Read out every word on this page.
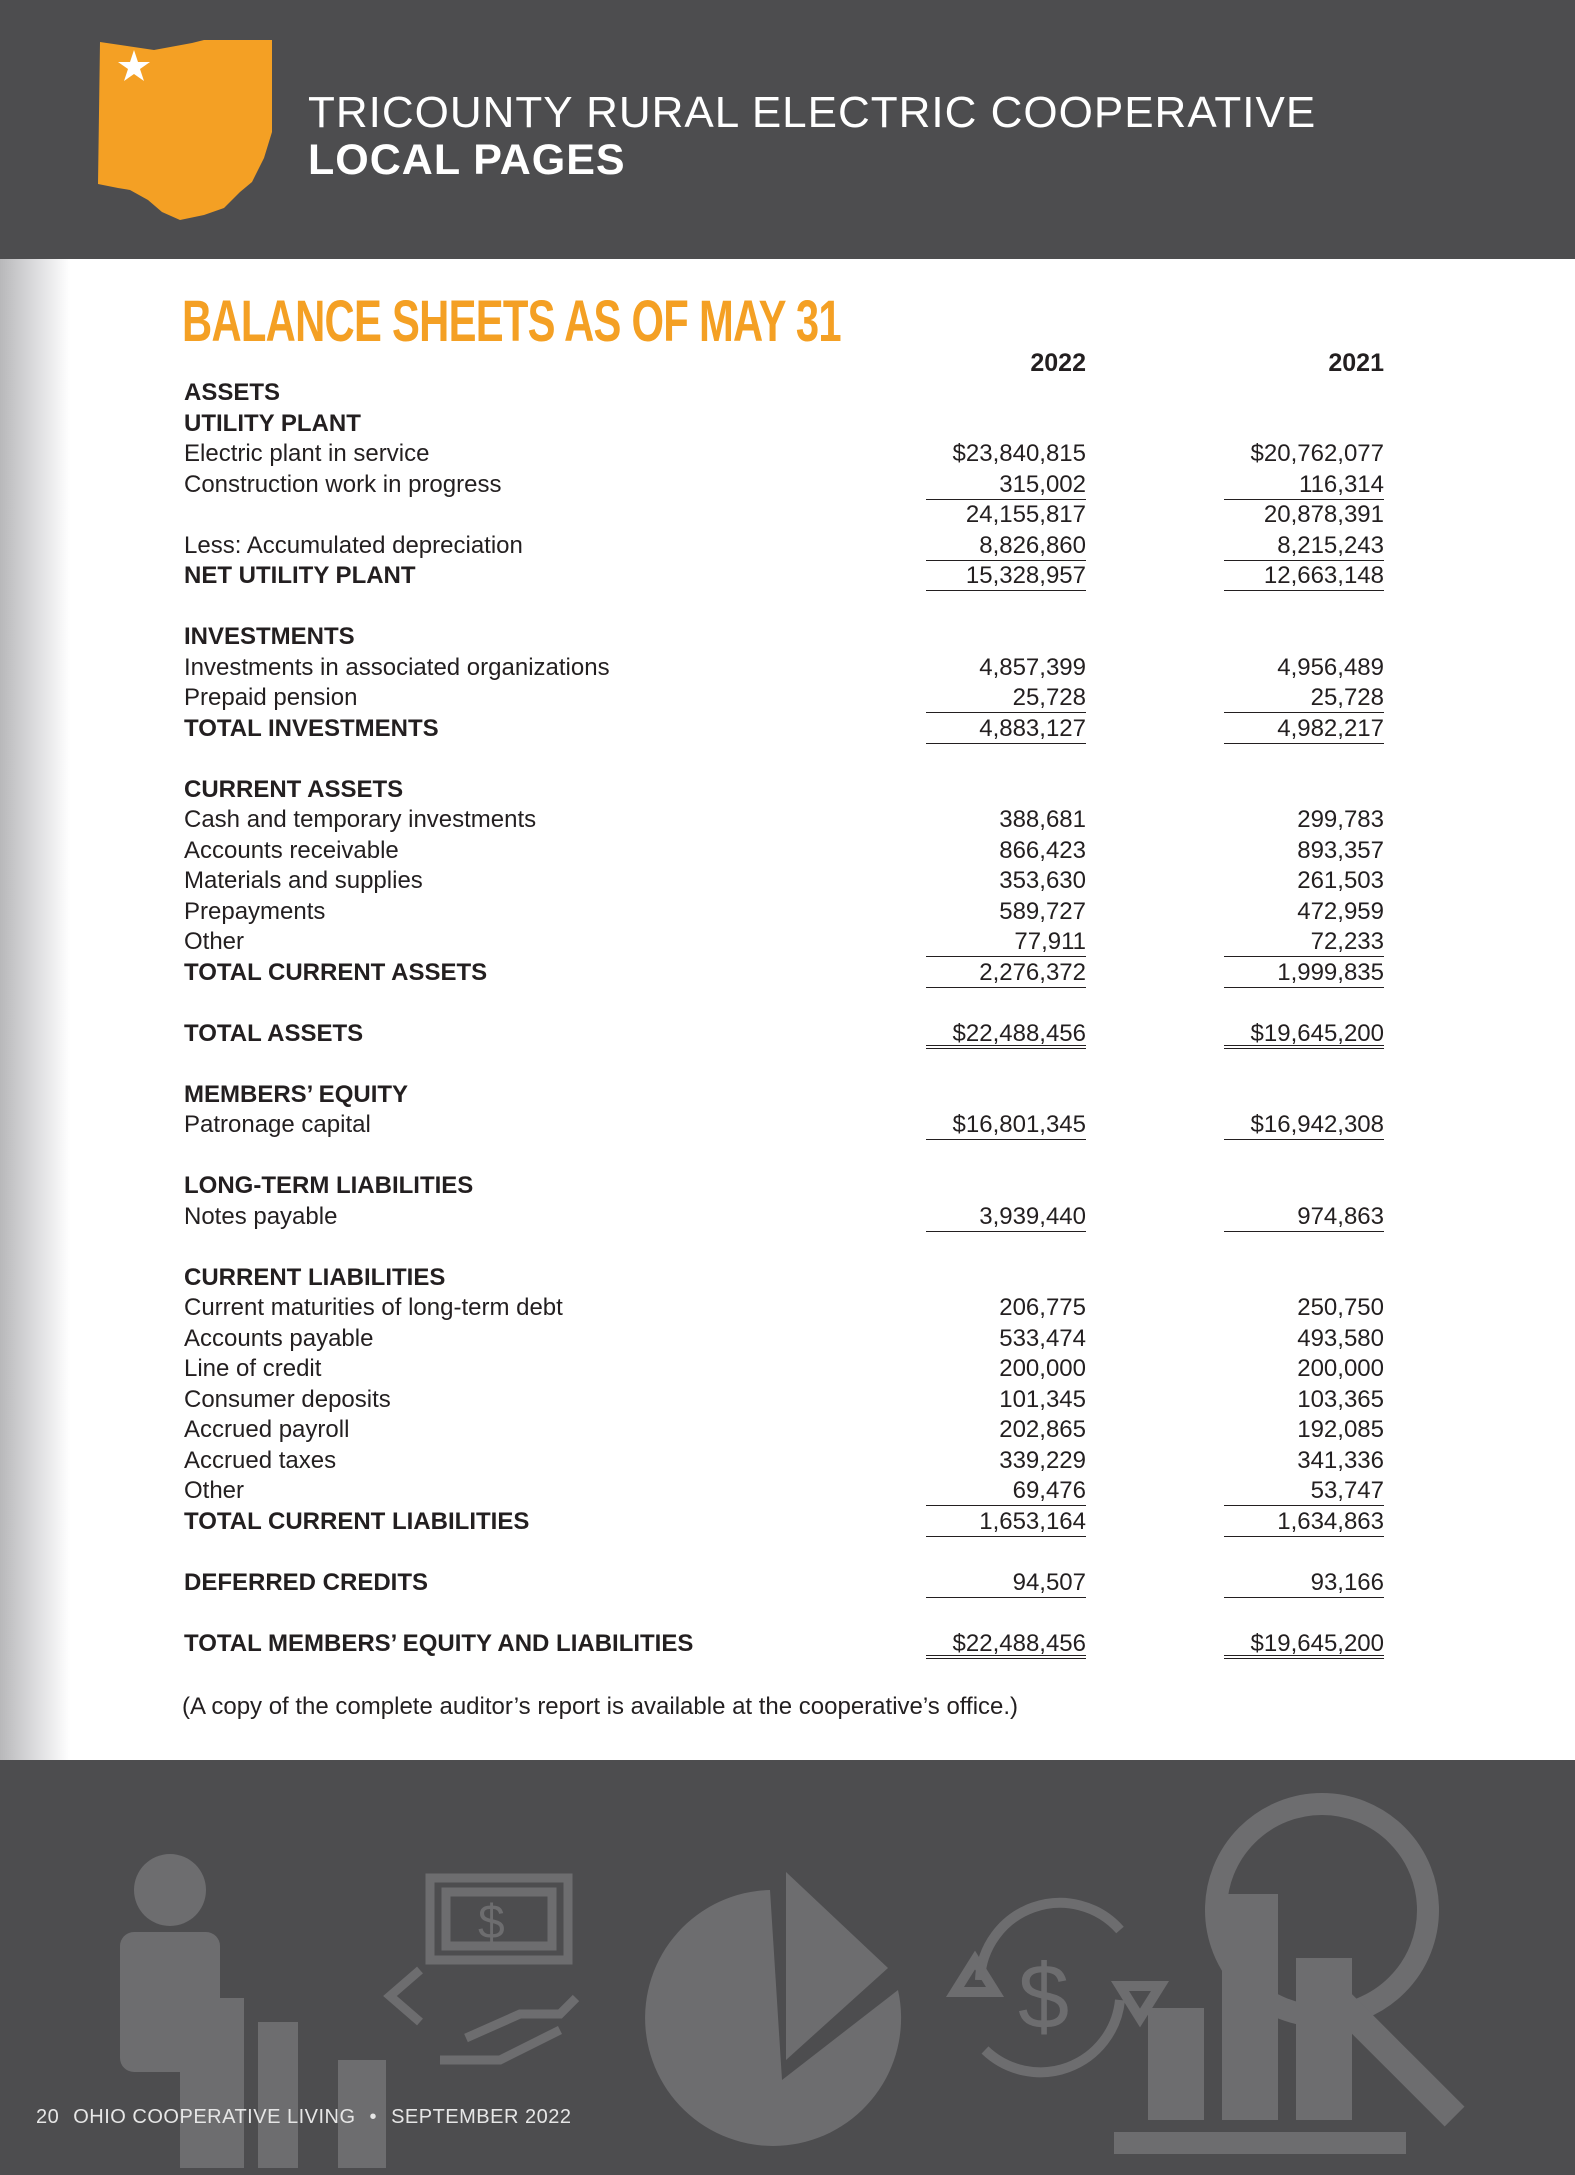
TRICOUNTY RURAL ELECTRIC COOPERATIVE
LOCAL PAGES
BALANCE SHEETS AS OF MAY 31
2022	2021
ASSETS
UTILITY PLANT
Electric plant in service	$23,840,815	$20,762,077
Construction work in progress	315,002	116,314
24,155,817	20,878,391
Less: Accumulated depreciation	8,826,860	8,215,243
NET UTILITY PLANT	15,328,957	12,663,148
INVESTMENTS
Investments in associated organizations	4,857,399	4,956,489
Prepaid pension	25,728	25,728
TOTAL INVESTMENTS	4,883,127	4,982,217
CURRENT ASSETS
Cash and temporary investments	388,681	299,783
Accounts receivable	866,423	893,357
Materials and supplies	353,630	261,503
Prepayments	589,727	472,959
Other	77,911	72,233
TOTAL CURRENT ASSETS	2,276,372	1,999,835
TOTAL ASSETS	$22,488,456	$19,645,200
MEMBERS’ EQUITY
Patronage capital	$16,801,345	$16,942,308
LONG-TERM LIABILITIES
Notes payable	3,939,440	974,863
CURRENT LIABILITIES
Current maturities of long-term debt	206,775	250,750
Accounts payable	533,474	493,580
Line of credit	200,000	200,000
Consumer deposits	101,345	103,365
Accrued payroll	202,865	192,085
Accrued taxes	339,229	341,336
Other	69,476	53,747
TOTAL CURRENT LIABILITIES	1,653,164	1,634,863
DEFERRED CREDITS	94,507	93,166
TOTAL MEMBERS’ EQUITY AND LIABILITIES	$22,488,456	$19,645,200
(A copy of the complete auditor’s report is available at the cooperative’s office.)
$
$
20 OHIO COOPERATIVE LIVING • SEPTEMBER 2022
